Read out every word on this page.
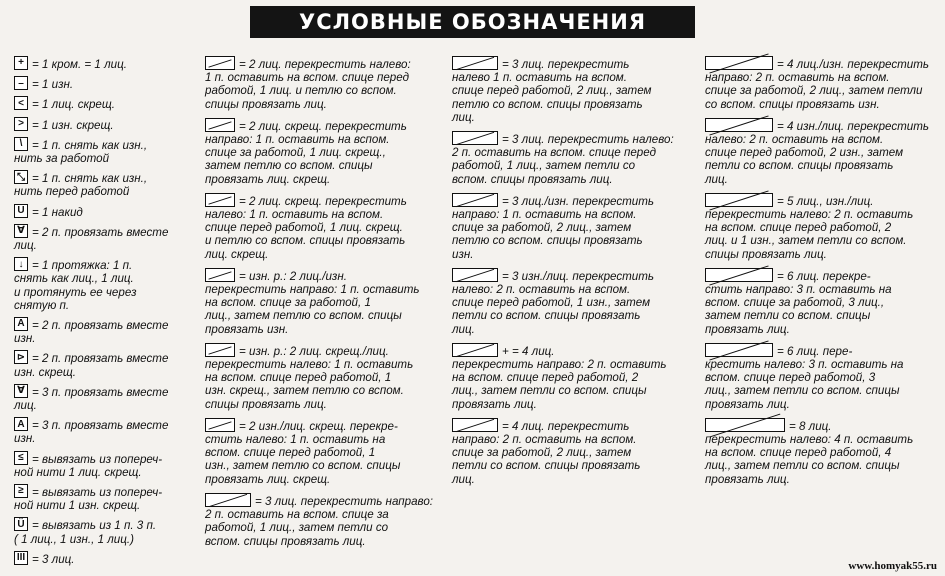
УСЛОВНЫЕ ОБОЗНАЧЕНИЯ
+ = 1 кром. = 1 лиц.
– = 1 изн.
< = 1 лиц. скрещ.
> = 1 изн. скрещ.
\ = 1 п. снять как изн.,
нить за работой
⤡ = 1 п. снять как изн.,
нить перед работой
U = 1 накид
∀ = 2 п. провязать вместе
лиц.
↓ = 1 протяжка: 1 п.
снять как лиц., 1 лиц.
и протянуть ее через
снятую п.
A = 2 п. провязать вместе
изн.
⊳ = 2 п. провязать вместе
изн. скрещ.
∀ = 3 п. провязать вместе
лиц.
A = 3 п. провязать вместе
изн.
≤ = вывязать из попереч-
ной нити 1 лиц. скрещ.
≥ = вывязать из попереч-
ной нити 1 изн. скрещ.
Ü = вывязать из 1 п. 3 п.
( 1 лиц., 1 изн., 1 лиц.)
III = 3 лиц.
= 2 лиц. перекрестить налево:
1 п. оставить на вспом. спице перед
работой, 1 лиц. и петлю со вспом.
спицы провязать лиц.
= 2 лиц. скрещ. перекрестить
направо: 1 п. оставить на вспом.
спице за работой, 1 лиц. скрещ.,
затем петлю со вспом. спицы
провязать лиц. скрещ.
= 2 лиц. скрещ. перекрестить
налево: 1 п. оставить на вспом.
спице перед работой, 1 лиц. скрещ.
и петлю со вспом. спицы провязать
лиц. скрещ.
= изн. р.: 2 лиц./изн.
перекрестить направо: 1 п. оставить
на вспом. спице за работой, 1
лиц., затем петлю со вспом. спицы
провязать изн.
= изн. р.: 2 лиц. скрещ./лиц.
перекрестить налево: 1 п. оставить
на вспом. спице перед работой, 1
изн. скрещ., затем петлю со вспом.
спицы провязать лиц.
= 2 изн./лиц. скрещ. перекре-
стить налево: 1 п. оставить на
вспом. спице перед работой, 1
изн., затем петлю со вспом. спицы
провязать лиц. скрещ.
= 3 лиц. перекрестить направо:
2 п. оставить на вспом. спице за
работой, 1 лиц., затем петли со
вспом. спицы провязать лиц.
= 3 лиц. перекрестить
налево 1 п. оставить на вспом.
спице перед работой, 2 лиц., затем
петлю со вспом. спицы провязать
лиц.
= 3 лиц. перекрестить налево:
2 п. оставить на вспом. спице перед
работой, 1 лиц., затем петли со
вспом. спицы провязать лиц.
= 3 лиц./изн. перекрестить
направо: 1 п. оставить на вспом.
спице за работой, 2 лиц., затем
петлю со вспом. спицы провязать
изн.
= 3 изн./лиц. перекрестить
налево: 2 п. оставить на вспом.
спице перед работой, 1 изн., затем
петли со вспом. спицы провязать
лиц.
+ = 4 лиц.
перекрестить направо: 2 п. оставить
на вспом. спице перед работой, 2
лиц., затем петли со вспом. спицы
провязать лиц.
= 4 лиц. перекрестить
направо: 2 п. оставить на вспом.
спице за работой, 2 лиц., затем
петли со вспом. спицы провязать
лиц.
= 4 лиц./изн. перекрестить
направо: 2 п. оставить на вспом.
спице за работой, 2 лиц., затем петли
со вспом. спицы провязать изн.
= 4 изн./лиц. перекрестить
налево: 2 п. оставить на вспом.
спице перед работой, 2 изн., затем
петли со вспом. спицы провязать
лиц.
= 5 лиц., изн./лиц.
перекрестить налево: 2 п. оставить
на вспом. спице перед работой, 2
лиц. и 1 изн., затем петли со вспом.
спицы провязать лиц.
= 6 лиц. перекре-
стить направо: 3 п. оставить на
вспом. спице за работой, 3 лиц.,
затем петли со вспом. спицы
провязать лиц.
= 6 лиц. пере-
крестить налево: 3 п. оставить на
вспом. спице перед работой, 3
лиц., затем петли со вспом. спицы
провязать лиц.
= 8 лиц.
перекрестить налево: 4 п. оставить
на вспом. спице перед работой, 4
лиц., затем петли со вспом. спицы
провязать лиц.
www.homyak55.ru
